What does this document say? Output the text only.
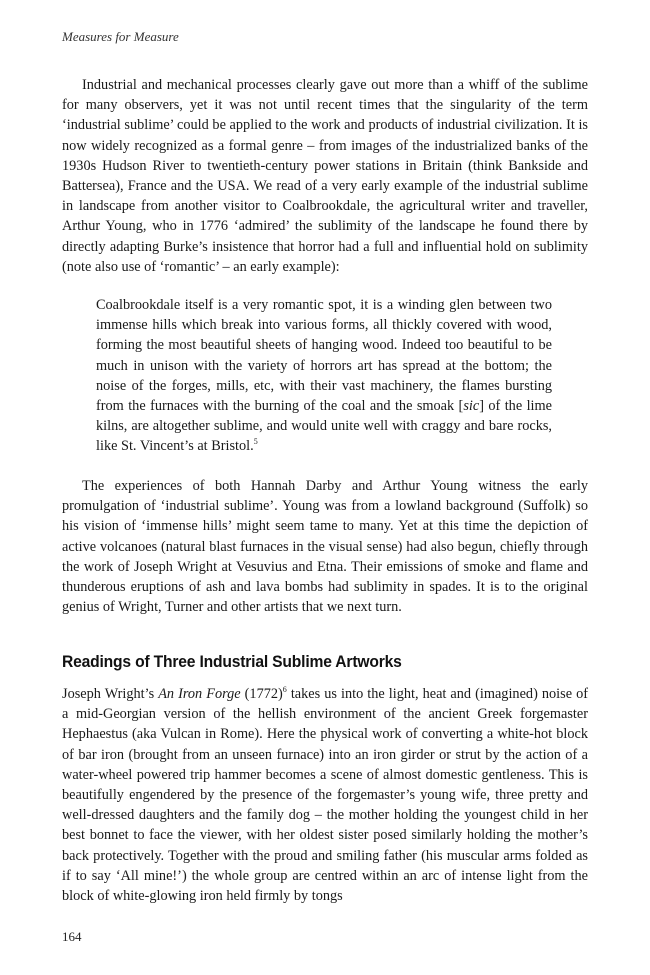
Measures for Measure

Industrial and mechanical processes clearly gave out more than a whiff of the sublime for many observers, yet it was not until recent times that the singularity of the term ‘industrial sublime’ could be applied to the work and products of industrial civilization. It is now widely recognized as a formal genre – from images of the industrialized banks of the 1930s Hudson River to twentieth-century power stations in Britain (think Bankside and Battersea), France and the USA. We read of a very early example of the industrial sublime in landscape from another visitor to Coalbrookdale, the agricultural writer and traveller, Arthur Young, who in 1776 ‘admired’ the sublimity of the landscape he found there by directly adapting Burke’s insistence that horror had a full and influential hold on sublimity (note also use of ‘romantic’ – an early example):

Coalbrookdale itself is a very romantic spot, it is a winding glen between two immense hills which break into various forms, all thickly covered with wood, forming the most beautiful sheets of hanging wood. Indeed too beautiful to be much in unison with the variety of horrors art has spread at the bottom; the noise of the forges, mills, etc, with their vast machinery, the flames bursting from the furnaces with the burning of the coal and the smoak [sic] of the lime kilns, are altogether sublime, and would unite well with craggy and bare rocks, like St. Vincent’s at Bristol.$^5$

The experiences of both Hannah Darby and Arthur Young witness the early promulgation of ‘industrial sublime’. Young was from a lowland background (Suffolk) so his vision of ‘immense hills’ might seem tame to many. Yet at this time the depiction of active volcanoes (natural blast furnaces in the visual sense) had also begun, chiefly through the work of Joseph Wright at Vesuvius and Etna. Their emissions of smoke and flame and thunderous eruptions of ash and lava bombs had sublimity in spades. It is to the original genius of Wright, Turner and other artists that we next turn.

Readings of Three Industrial Sublime Artworks

Joseph Wright’s An Iron Forge $(1772)^6$ takes us into the light, heat and (imagined) noise of a mid-Georgian version of the hellish environment of the ancient Greek forgemaster Hephaestus (aka Vulcan in Rome). Here the physical work of converting a white-hot block of bar iron (brought from an unseen furnace) into an iron girder or strut by the action of a water-wheel powered trip hammer becomes a scene of almost domestic gentleness. This is beautifully engendered by the presence of the forgemaster’s young wife, three pretty and well-dressed daughters and the family dog – the mother holding the youngest child in her best bonnet to face the viewer, with her oldest sister posed similarly holding the mother’s back protectively. Together with the proud and smiling father (his muscular arms folded as if to say ‘All mine!’) the whole group are centred within an arc of intense light from the block of white-glowing iron held firmly by tongs

164
